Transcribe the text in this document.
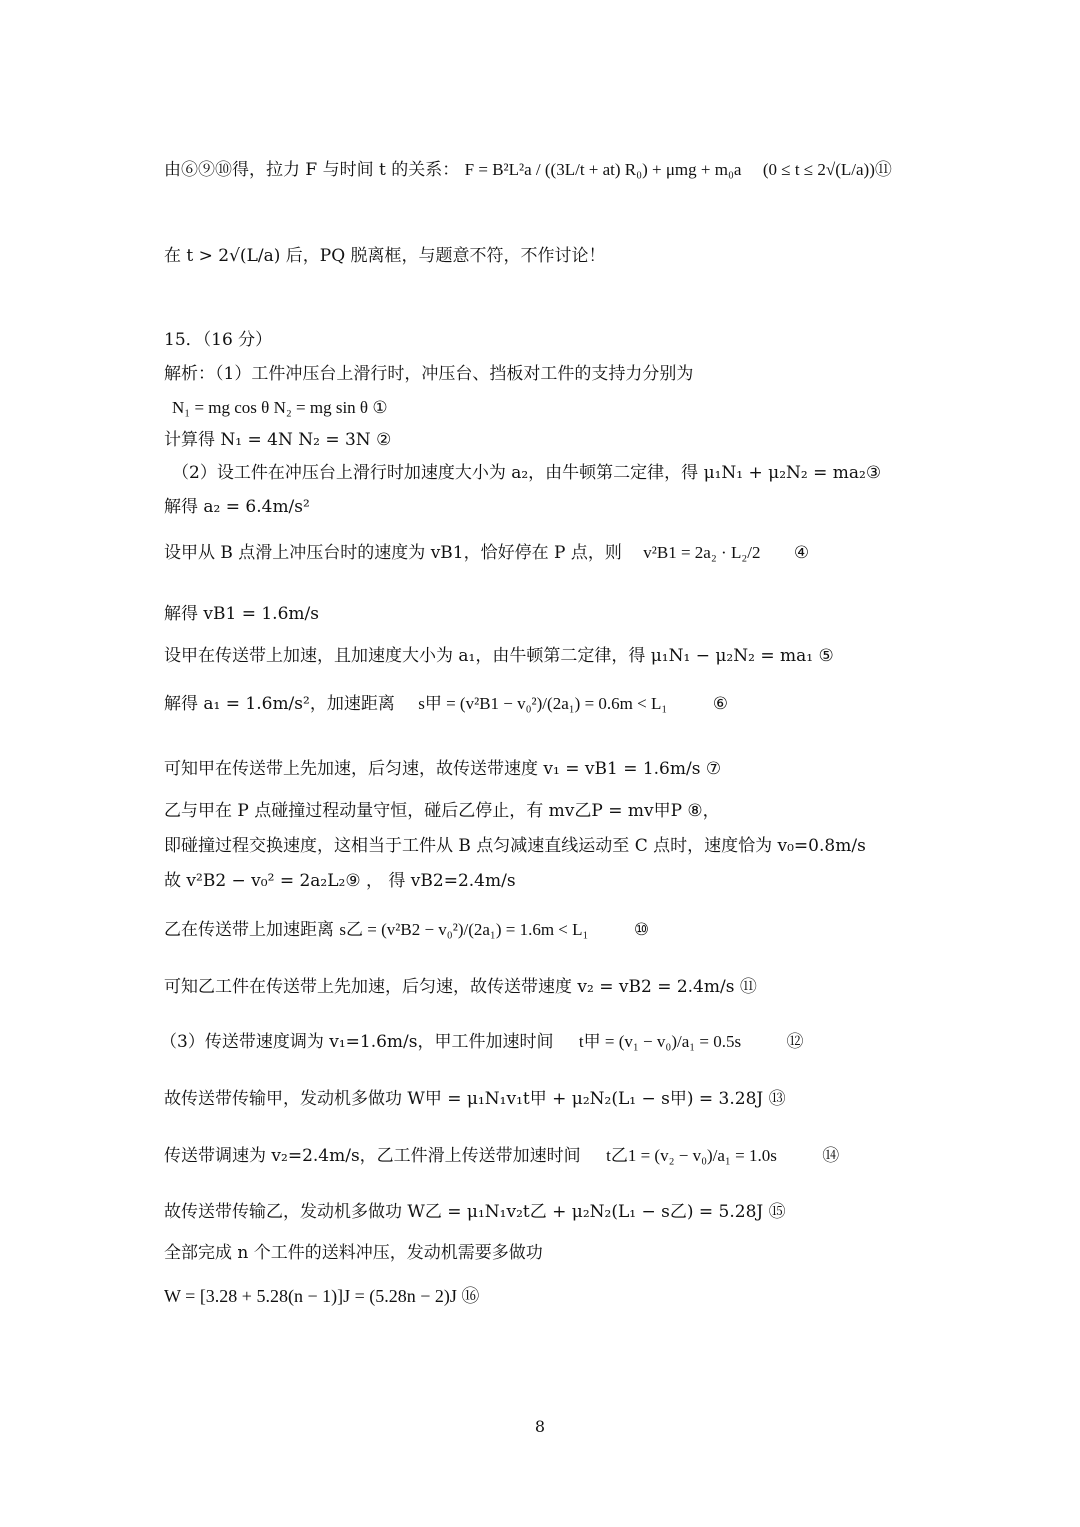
由⑥⑨⑩得，拉力 F 与时间 t 的关系： F = B²L²a / ((3L/t + at) R₀) + μmg + m₀a (0 ≤ t ≤ 2√(L/a))⑪
在 t > 2√(L/a) 后，PQ 脱离框，与题意不符，不作讨论！
15．（16 分）
解析：（1）工件冲压台上滑行时，冲压台、挡板对工件的支持力分别为
N₁ = mg cos θ N₂ = mg sin θ ①
计算得 N₁ = 4N N₂ = 3N ②
（2）设工件在冲压台上滑行时加速度大小为 a₂，由牛顿第二定律，得 μ₁N₁ + μ₂N₂ = ma₂③
解得 a₂ = 6.4m/s²
设甲从 B 点滑上冲压台时的速度为 vB1，恰好停在 P 点，则 v²B1 = 2a₂ · L₂/2 ④
解得 vB1 = 1.6m/s
设甲在传送带上加速，且加速度大小为 a₁，由牛顿第二定律，得 μ₁N₁ − μ₂N₂ = ma₁ ⑤
解得 a₁ = 1.6m/s²，加速距离 s甲 = (v²B1 − v₀²)/(2a₁) = 0.6m < L₁	⑥
可知甲在传送带上先加速，后匀速，故传送带速度 v₁ = vB1 = 1.6m/s ⑦
乙与甲在 P 点碰撞过程动量守恒，碰后乙停止，有 mv乙P = mv甲P ⑧，
即碰撞过程交换速度，这相当于工件从 B 点匀减速直线运动至 C 点时，速度恰为 v₀=0.8m/s
故 v²B2 − v₀² = 2a₂L₂⑨ ， 得 vB2=2.4m/s
乙在传送带上加速距离 s乙 = (v²B2 − v₀²)/(2a₁) = 1.6m < L₁	⑩
可知乙工件在传送带上先加速，后匀速，故传送带速度 v₂ = vB2 = 2.4m/s ⑪
（3）传送带速度调为 v₁=1.6m/s，甲工件加速时间 t甲 = (v₁ − v₀)/a₁ = 0.5s	⑫
故传送带传输甲，发动机多做功 W甲 = μ₁N₁v₁t甲 + μ₂N₂(L₁ − s甲) = 3.28J ⑬
传送带调速为 v₂=2.4m/s，乙工件滑上传送带加速时间 t乙1 = (v₂ − v₀)/a₁ = 1.0s	⑭
故传送带传输乙，发动机多做功 W乙 = μ₁N₁v₂t乙 + μ₂N₂(L₁ − s乙) = 5.28J ⑮
全部完成 n 个工件的送料冲压，发动机需要多做功
W = [3.28 + 5.28(n − 1)]J = (5.28n − 2)J ⑯
8
